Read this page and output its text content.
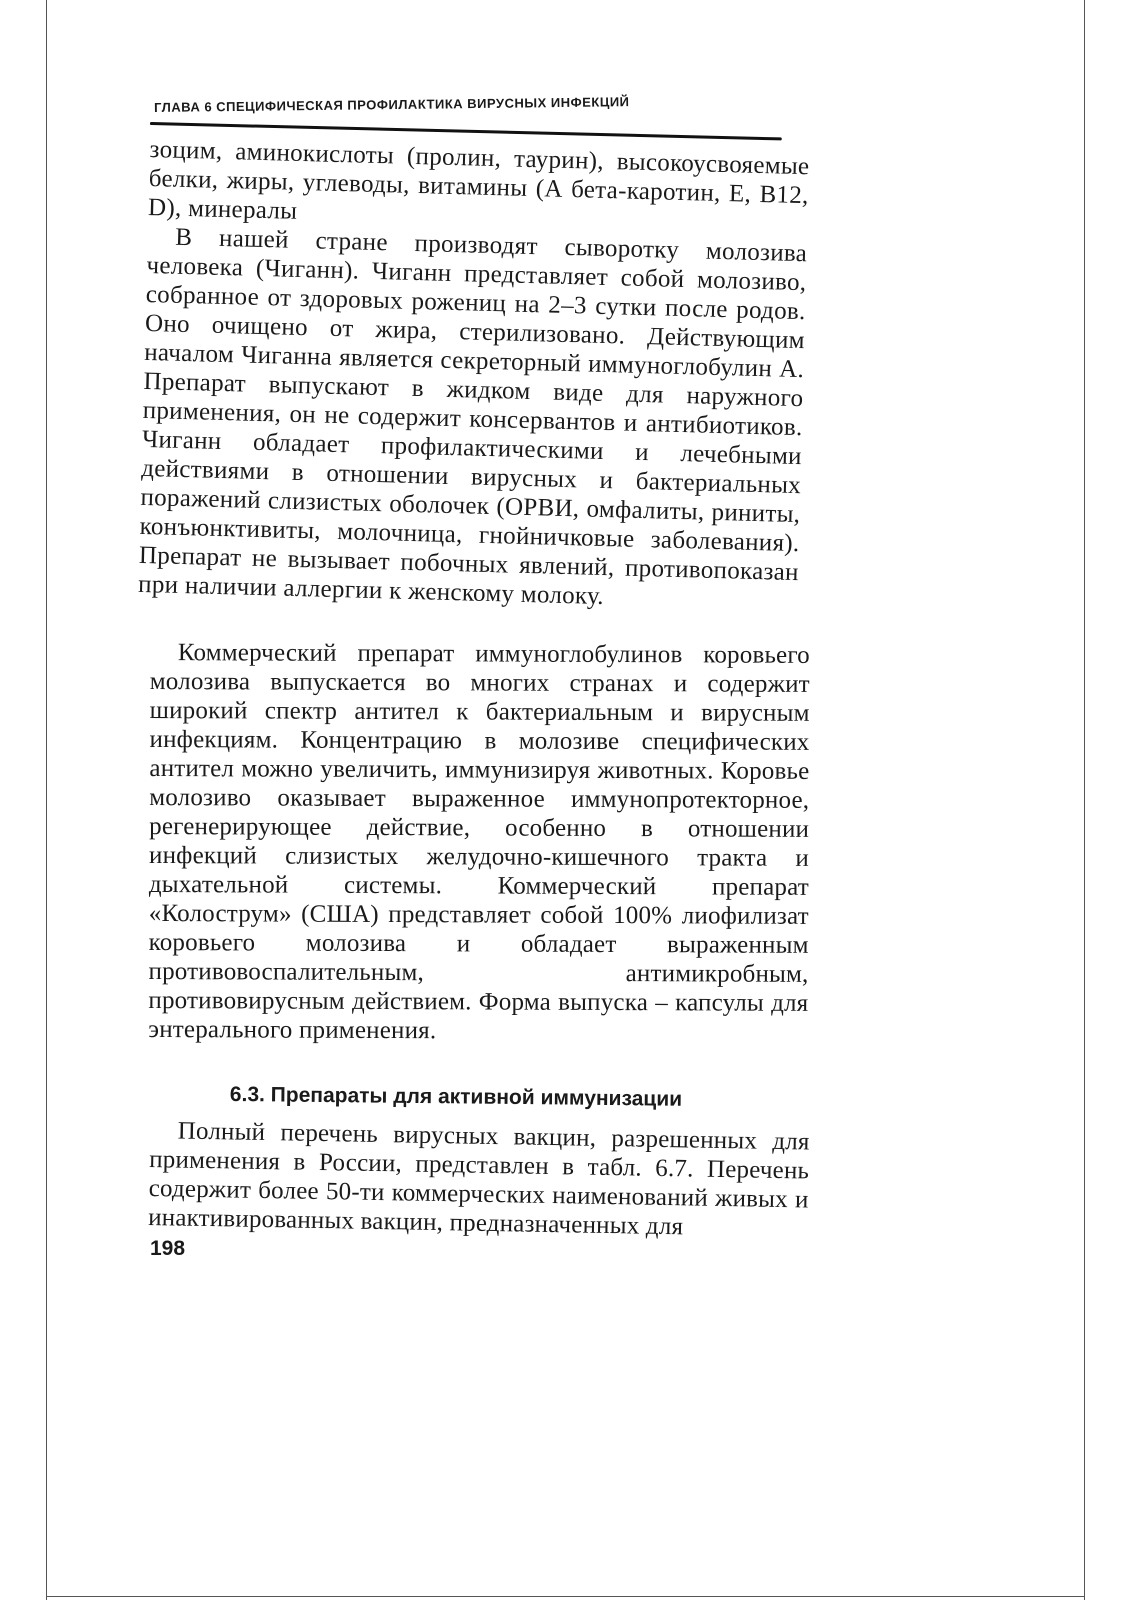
ГЛАВА 6 СПЕЦИФИЧЕСКАЯ ПРОФИЛАКТИКА ВИРУСНЫХ ИНФЕКЦИЙ

зоцим, аминокислоты (пролин, таурин), высокоусвояемые белки, жиры, углеводы, витамины (А бета-каротин, Е, В12, D), минералы

В нашей стране производят сыворотку молозива человека (Чиганн). Чиганн представляет собой молозиво, собранное от здоровых рожениц на 2–3 сутки после родов. Оно очищено от жира, стерилизовано. Действующим началом Чиганна является секреторный иммуноглобулин А. Препарат выпускают в жидком виде для наружного применения, он не содержит консервантов и антибиотиков. Чиганн обладает профилактическими и лечебными действиями в отношении вирусных и бактериальных поражений слизистых оболочек (ОРВИ, омфалиты, риниты, конъюнктивиты, молочница, гнойничковые заболевания). Препарат не вызывает побочных явлений, противопоказан при наличии аллергии к женскому молоку.

Коммерческий препарат иммуноглобулинов коровьего молозива выпускается во многих странах и содержит широкий спектр антител к бактериальным и вирусным инфекциям. Концентрацию в молозиве специфических антител можно увеличить, иммунизируя животных. Коровье молозиво оказывает выраженное иммунопротекторное, регенерирующее действие, особенно в отношении инфекций слизистых желудочно-кишечного тракта и дыхательной системы. Коммерческий препарат «Колострум» (США) представляет собой 100% лиофилизат коровьего молозива и обладает выраженным противовоспалительным, антимикробным, противовирусным действием. Форма выпуска – капсулы для энтерального применения.

6.3. Препараты для активной иммунизации

Полный перечень вирусных вакцин, разрешенных для применения в России, представлен в табл. 6.7. Перечень содержит более 50-ти коммерческих наименований живых и инактивированных вакцин, предназначенных для

198
